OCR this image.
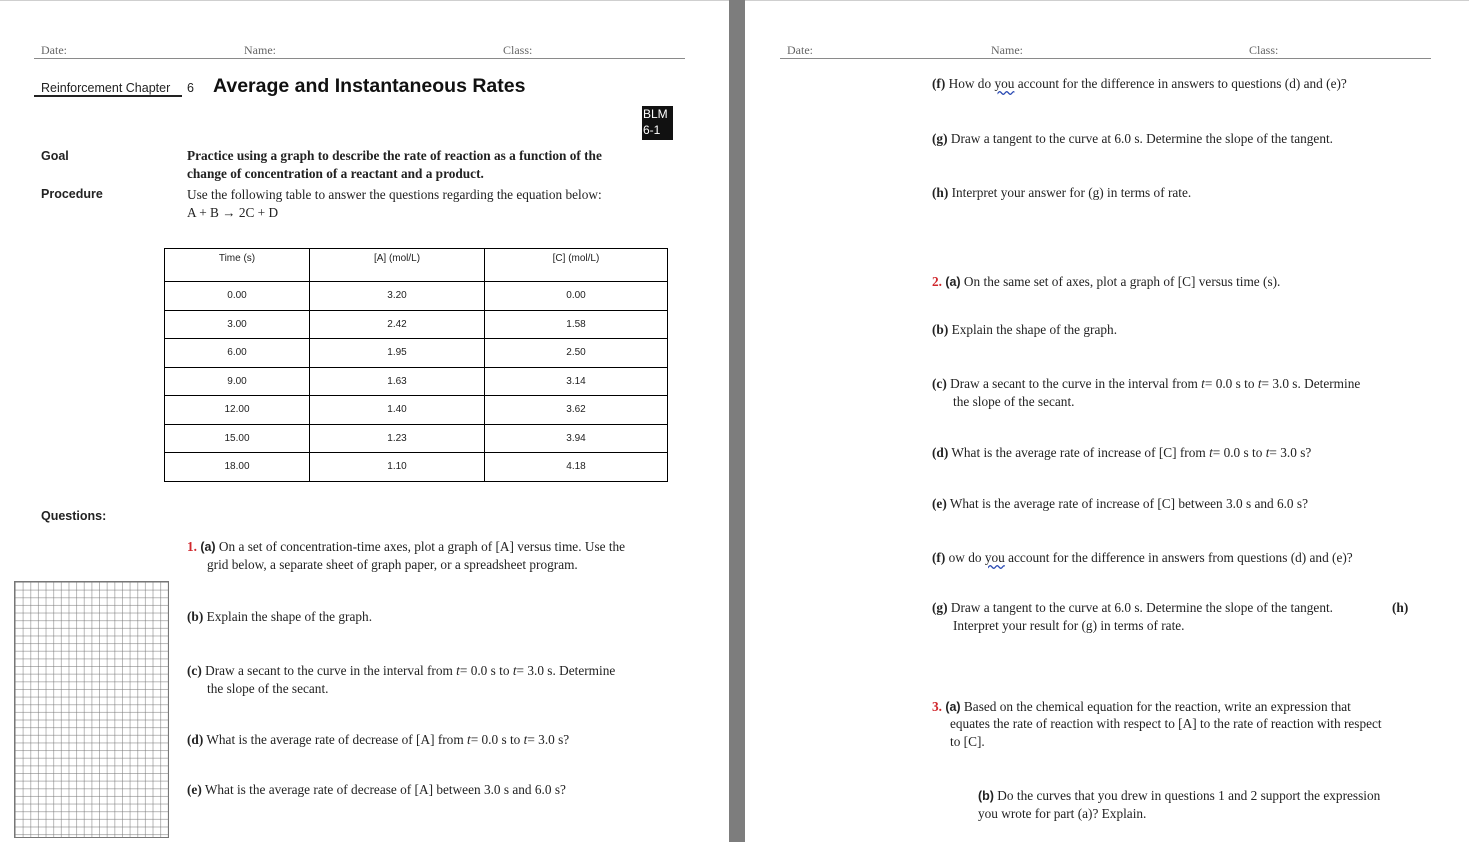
Date:	Name:	Class:
Reinforcement Chapter 6 Average and Instantaneous Rates
BLM
6-1
Goal	Practice using a graph to describe the rate of reaction as a function of the
change of concentration of a reactant and a product.
Procedure	Use the following table to answer the questions regarding the equation below:
A + B → 2C + D
Time (s)	[A] (mol/L)	[C] (mol/L)
0.00	3.20	0.00
3.00	2.42	1.58
6.00	1.95	2.50
9.00	1.63	3.14
12.00	1.40	3.62
15.00	1.23	3.94
18.00	1.10	4.18
Questions:
1. (a) On a set of concentration-time axes, plot a graph of [A] versus time. Use the
grid below, a separate sheet of graph paper, or a spreadsheet program.
(b) Explain the shape of the graph.
(c) Draw a secant to the curve in the interval from t= 0.0 s to t= 3.0 s. Determine
the slope of the secant.
(d) What is the average rate of decrease of [A] from t= 0.0 s to t= 3.0 s?
(e) What is the average rate of decrease of [A] between 3.0 s and 6.0 s?
Date:	Name:	Class:
(f) How do you account for the difference in answers to questions (d) and (e)?
(g) Draw a tangent to the curve at 6.0 s. Determine the slope of the tangent.
(h) Interpret your answer for (g) in terms of rate.
2. (a) On the same set of axes, plot a graph of [C] versus time (s).
(b) Explain the shape of the graph.
(c) Draw a secant to the curve in the interval from t= 0.0 s to t= 3.0 s. Determine
the slope of the secant.
(d) What is the average rate of increase of [C] from t= 0.0 s to t= 3.0 s?
(e) What is the average rate of increase of [C] between 3.0 s and 6.0 s?
(f) ow do you account for the difference in answers from questions (d) and (e)?
(g) Draw a tangent to the curve at 6.0 s. Determine the slope of the tangent.	(h)
Interpret your result for (g) in terms of rate.
3. (a) Based on the chemical equation for the reaction, write an expression that
equates the rate of reaction with respect to [A] to the rate of reaction with respect
to [C].
(b) Do the curves that you drew in questions 1 and 2 support the expression
you wrote for part (a)? Explain.
